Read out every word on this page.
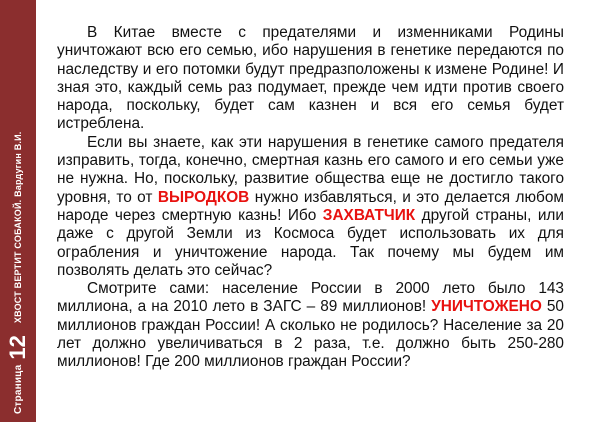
Страница
12
ХВОСТ ВЕРТИТ СОБАКОЙ. Вардугин В.И.

В Китае вместе с предателями и изменниками Родины уничтожают всю его семью, ибо нарушения в генетике передаются по наследству и его потомки будут предразположены к измене Родине! И зная это, каждый семь раз подумает, прежде чем идти против своего народа, поскольку, будет сам казнен и вся его семья будет истреблена.

Если вы знаете, как эти нарушения в генетике самого предателя изправить, тогда, конечно, смертная казнь его самого и его семьи уже не нужна. Но, поскольку, развитие общества еще не достигло такого уровня, то от ВЫРОДКОВ нужно избавляться, и это делается любом народе через смертную казнь! Ибо ЗАХВАТЧИК другой страны, или даже с другой Земли из Космоса будет использовать их для ограбления и уничтожение народа. Так почему мы будем им позволять делать это сейчас?

Смотрите сами: население России в 2000 лето было 143 миллиона, а на 2010 лето в ЗАГС – 89 миллионов! УНИЧТОЖЕНО 50 миллионов граждан России! А сколько не родилось? Население за 20 лет должно увеличиваться в 2 раза, т.е. должно быть 250-280 миллионов! Где 200 миллионов граждан России?
